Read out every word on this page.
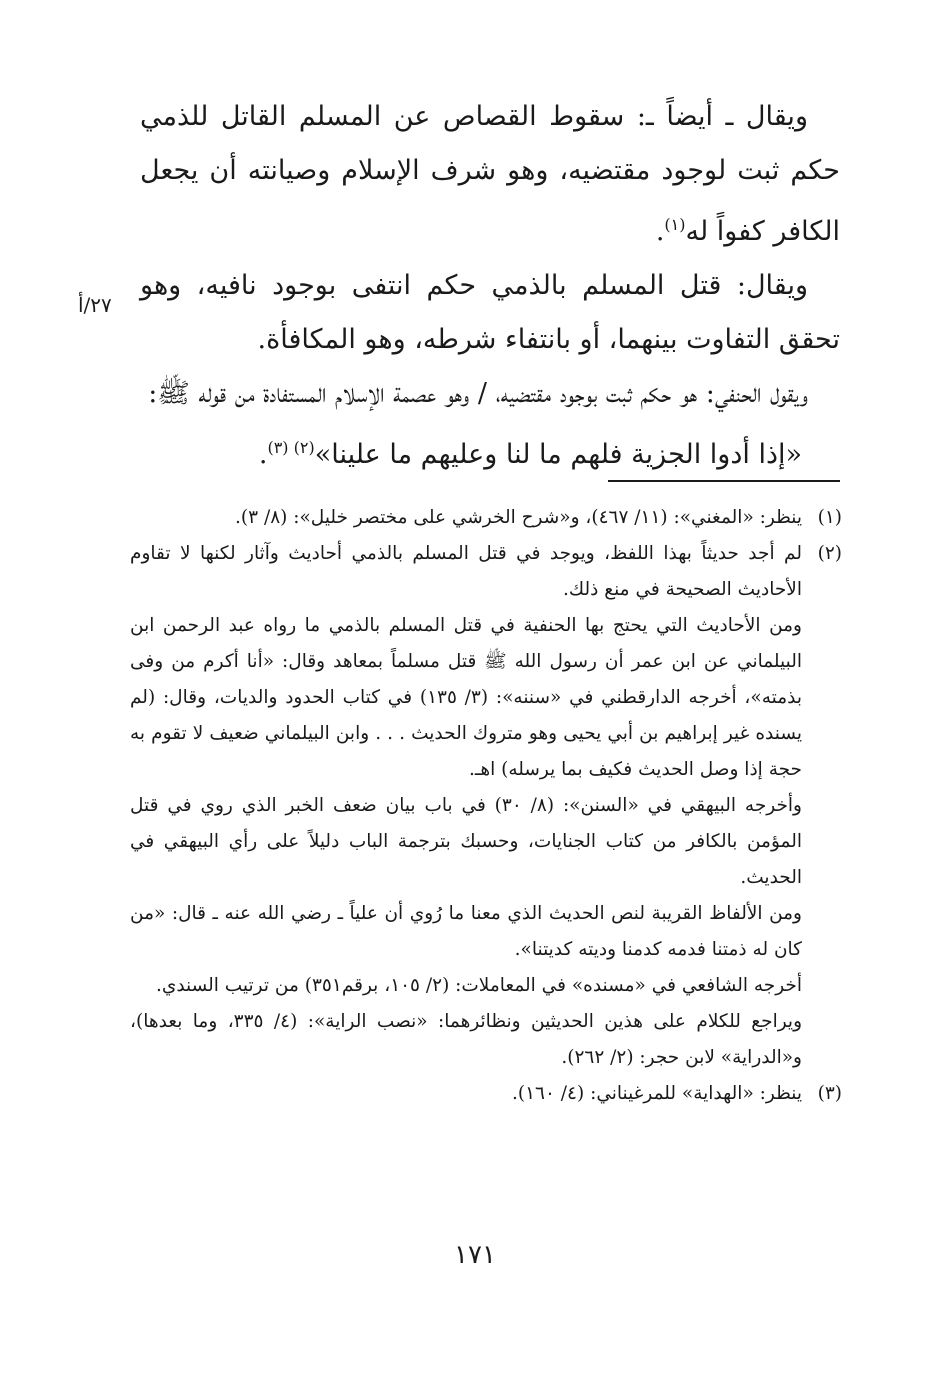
ويقال ـ أيضاً ـ: سقوط القصاص عن المسلم القاتل للذمي حكم ثبت لوجود مقتضيه، وهو شرف الإسلام وصيانته أن يجعل الكافر كفواً له$^{(١)}$.

ويقال: قتل المسلم بالذمي حكم انتفى بوجود نافيه، وهو تحقق التفاوت بينهما، أو بانتفاء شرطه، وهو المكافأة.

ويقول الحنفي: هو حكم ثبت بوجود مقتضيه، / وهو عصمة الإسلام المستفادة من قوله ﷺ:

«إذا أدوا الجزية فلهم ما لنا وعليهم ما علينا»$^{(٢) (٣)}$.

٢٧/أ
(١)

ينظر: «المغني»: (١١/ ٤٦٧)، و«شرح الخرشي على مختصر خليل»: (٨/ ٣).

(٢)

لم أجد حديثاً بهذا اللفظ، ويوجد في قتل المسلم بالذمي أحاديث وآثار لكنها لا تقاوم الأحاديث الصحيحة في منع ذلك.

ومن الأحاديث التي يحتج بها الحنفية في قتل المسلم بالذمي ما رواه عبد الرحمن ابن البيلماني عن ابن عمر أن رسول الله ﷺ قتل مسلماً بمعاهد وقال: «أنا أكرم من وفى بذمته»، أخرجه الدارقطني في «سننه»: (٣/ ١٣٥) في كتاب الحدود والديات، وقال: (لم يسنده غير إبراهيم بن أبي يحيى وهو متروك الحديث . . . وابن البيلماني ضعيف لا تقوم به حجة إذا وصل الحديث فكيف بما يرسله) اهـ.

وأخرجه البيهقي في «السنن»: (٨/ ٣٠) في باب بيان ضعف الخبر الذي روي في قتل المؤمن بالكافر من كتاب الجنايات، وحسبك بترجمة الباب دليلاً على رأي البيهقي في الحديث.

ومن الألفاظ القريبة لنص الحديث الذي معنا ما رُوي أن علياً ـ رضي الله عنه ـ قال: «من كان له ذمتنا فدمه كدمنا وديته كديتنا».

أخرجه الشافعي في «مسنده» في المعاملات: (٢/ ١٠٥، برقم٣٥١) من ترتيب السندي.

ويراجع للكلام على هذين الحديثين ونظائرهما: «نصب الراية»: (٤/ ٣٣٥، وما بعدها)، و«الدراية» لابن حجر: (٢/ ٢٦٢).

(٣)

ينظر: «الهداية» للمرغيناني: (٤/ ١٦٠).

١٧١
